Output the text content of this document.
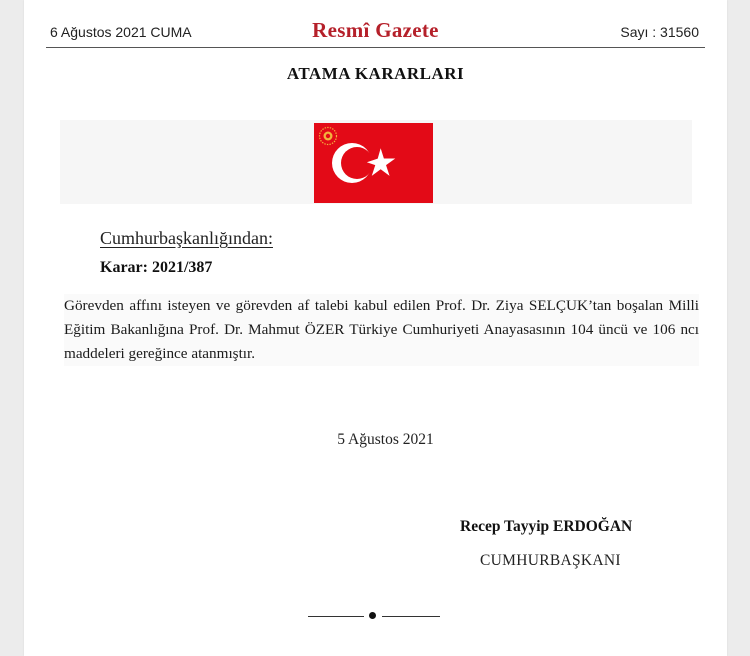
6 Ağustos 2021 CUMA	Resmî Gazete	Sayı : 31560
ATAMA KARARLARI
Cumhurbaşkanlığından:
Karar: 2021/387
Görevden affını isteyen ve görevden af talebi kabul edilen Prof. Dr. Ziya SELÇUK’tan boşalan Milli Eğitim Bakanlığına Prof. Dr. Mahmut ÖZER Türkiye Cumhuriyeti Anayasasının 104 üncü ve 106 ncı maddeleri gereğince atanmıştır.
5 Ağustos 2021
Recep Tayyip ERDOĞAN
CUMHURBAŞKANI
